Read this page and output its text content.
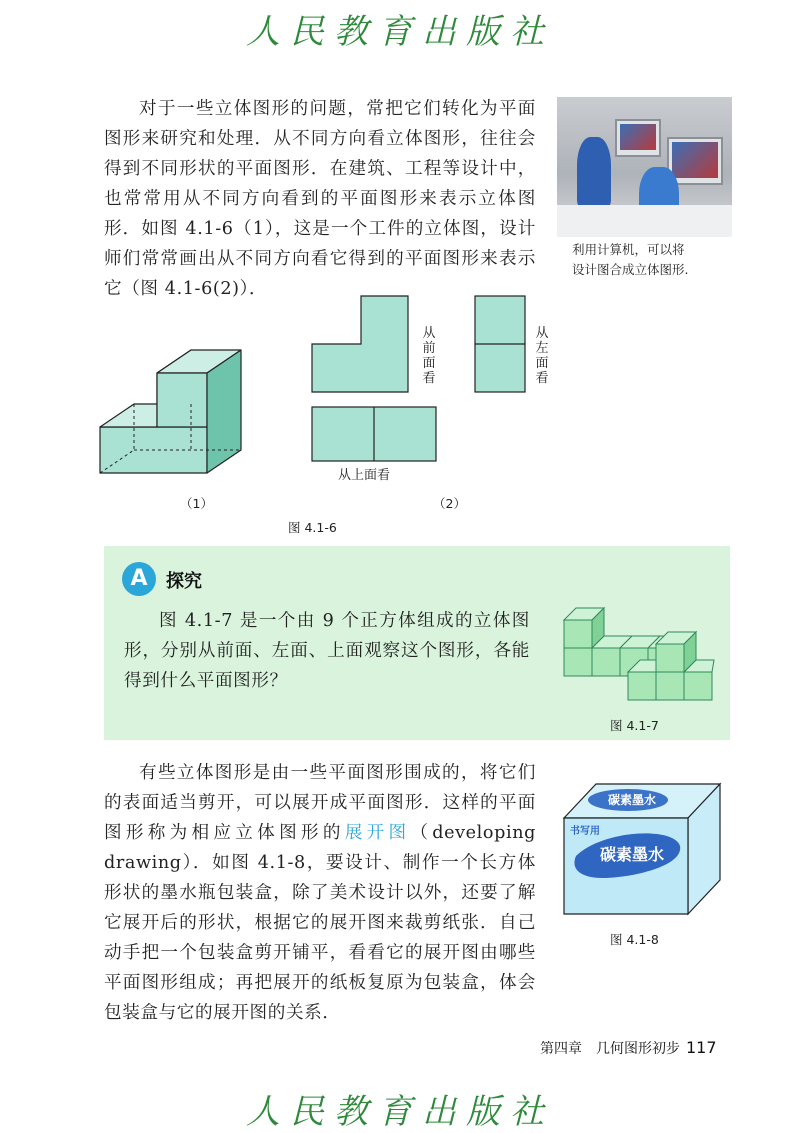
人民教育出版社

对于一些立体图形的问题，常把它们转化为平面图形来研究和处理．从不同方向看立体图形，往往会得到不同形状的平面图形．在建筑、工程等设计中，也常常用从不同方向看到的平面图形来表示立体图形．如图 4.1-6（1），这是一个工件的立体图，设计师们常常画出从不同方向看它得到的平面图形来表示它（图 4.1-6(2)）．

利用计算机，可以将
设计图合成立体图形.
从前面看
从左面看
从上面看
（1）	（2）
图 4.1-6
A	探究

图 4.1-7 是一个由 9 个正方体组成的立体图形，分别从前面、左面、上面观察这个图形，各能得到什么平面图形？

图 4.1-7

有些立体图形是由一些平面图形围成的，将它们的表面适当剪开，可以展开成平面图形．这样的平面图形称为相应立体图形的展开图（developing drawing）．如图 4.1-8，要设计、制作一个长方体形状的墨水瓶包装盒，除了美术设计以外，还要了解它展开后的形状，根据它的展开图来裁剪纸张．自己动手把一个包装盒剪开铺平，看看它的展开图由哪些平面图形组成；再把展开的纸板复原为包装盒，体会包装盒与它的展开图的关系．

碳素墨水
书写用
碳素墨水
图 4.1-8
第四章　几何图形初步 117
人民教育出版社
